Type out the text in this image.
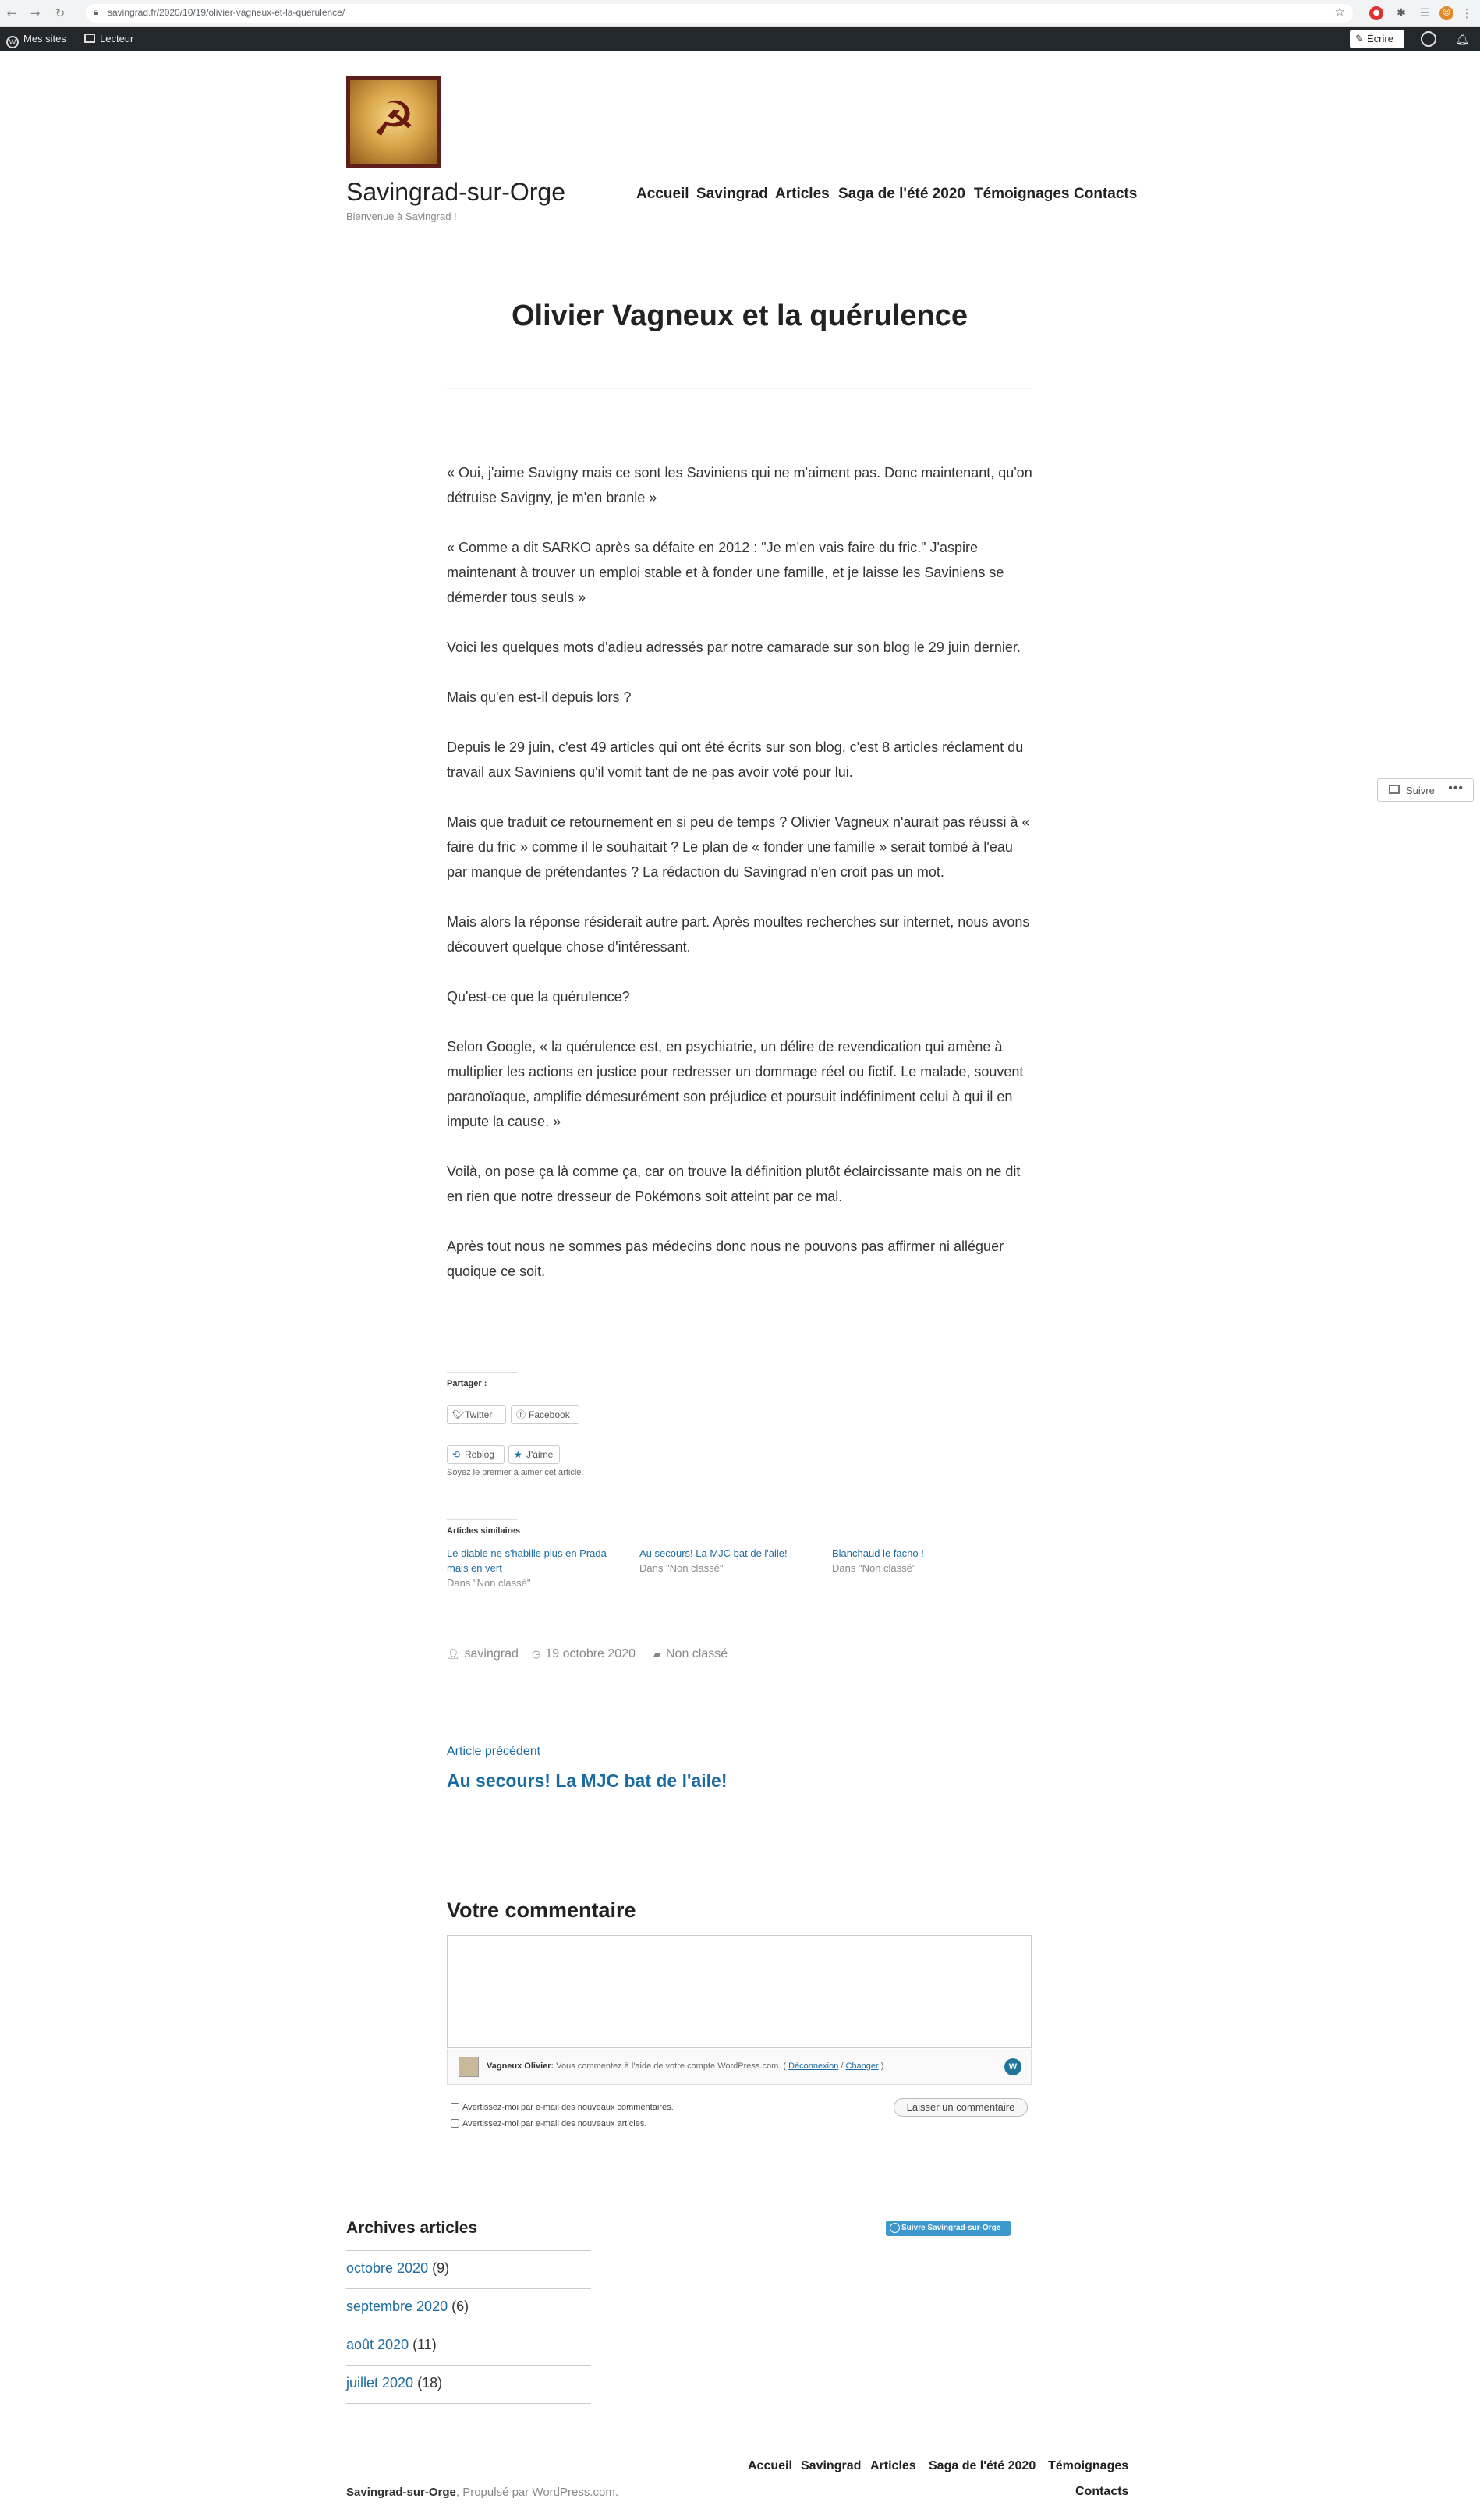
←	→	↻	🔒︎ savingrad.fr/2020/10/19/olivier-vagneux-et-la-querulence/	☆	●	✱ ☰	☺ ⋮
W Mes sites	Lecteur	✎ Écrire	🔔︎
☭
Savingrad-sur-Orge
Bienvenue à Savingrad !
Accueil Savingrad Articles Saga de l'été 2020 Témoignages Contacts
Olivier Vagneux et la quérulence

« Oui, j'aime Savigny mais ce sont les Saviniens qui ne m'aiment pas. Donc maintenant, qu'on détruise Savigny, je m'en branle »

« Comme a dit SARKO après sa défaite en 2012 : "Je m'en vais faire du fric." J'aspire maintenant à trouver un emploi stable et à fonder une famille, et je laisse les Saviniens se démerder tous seuls »

Voici les quelques mots d'adieu adressés par notre camarade sur son blog le 29 juin dernier.

Mais qu'en est-il depuis lors ?

Depuis le 29 juin, c'est 49 articles qui ont été écrits sur son blog, c'est 8 articles réclament du travail aux Saviniens qu'il vomit tant de ne pas avoir voté pour lui.

Mais que traduit ce retournement en si peu de temps ? Olivier Vagneux n'aurait pas réussi à « faire du fric » comme il le souhaitait ? Le plan de « fonder une famille » serait tombé à l'eau par manque de prétendantes ? La rédaction du Savingrad n'en croit pas un mot.

Mais alors la réponse résiderait autre part. Après moultes recherches sur internet, nous avons découvert quelque chose d'intéressant.

Qu'est-ce que la quérulence?

Selon Google, « la quérulence est, en psychiatrie, un délire de revendication qui amène à multiplier les actions en justice pour redresser un dommage réel ou fictif. Le malade, souvent paranoïaque, amplifie démesurément son préjudice et poursuit indéfiniment celui à qui il en impute la cause. »

Voilà, on pose ça là comme ça, car on trouve la définition plutôt éclaircissante mais on ne dit en rien que notre dresseur de Pokémons soit atteint par ce mal.

Après tout nous ne sommes pas médecins donc nous ne pouvons pas affirmer ni alléguer quoique ce soit.

Suivre •••
Partager :
🐦︎ Twitter	ⓕ Facebook
⟲ Reblog	★ J'aime
Soyez le premier à aimer cet article.
Articles similaires
Le diable ne s'habille plus en Prada mais en vert
Dans "Non classé"
Au secours! La MJC bat de l'aile!
Dans "Non classé"
Blanchaud le facho !
Dans "Non classé"
👤︎ savingrad ◷ 19 octobre 2020 ▰ Non classé
Article précédent
Au secours! La MJC bat de l'aile!
Votre commentaire
Vagneux Olivier: Vous commentez à l'aide de votre compte WordPress.com. ( Déconnexion / Changer )	W
Avertissez-moi par e-mail des nouveaux commentaires.
Avertissez-moi par e-mail des nouveaux articles.
Laisser un commentaire
Archives articles
octobre 2020 (9)
septembre 2020 (6)
août 2020 (11)
juillet 2020 (18)
Suivre Savingrad-sur-Orge
Accueil Savingrad Articles Saga de l'été 2020 Témoignages
Contacts
Savingrad-sur-Orge, Propulsé par WordPress.com.
